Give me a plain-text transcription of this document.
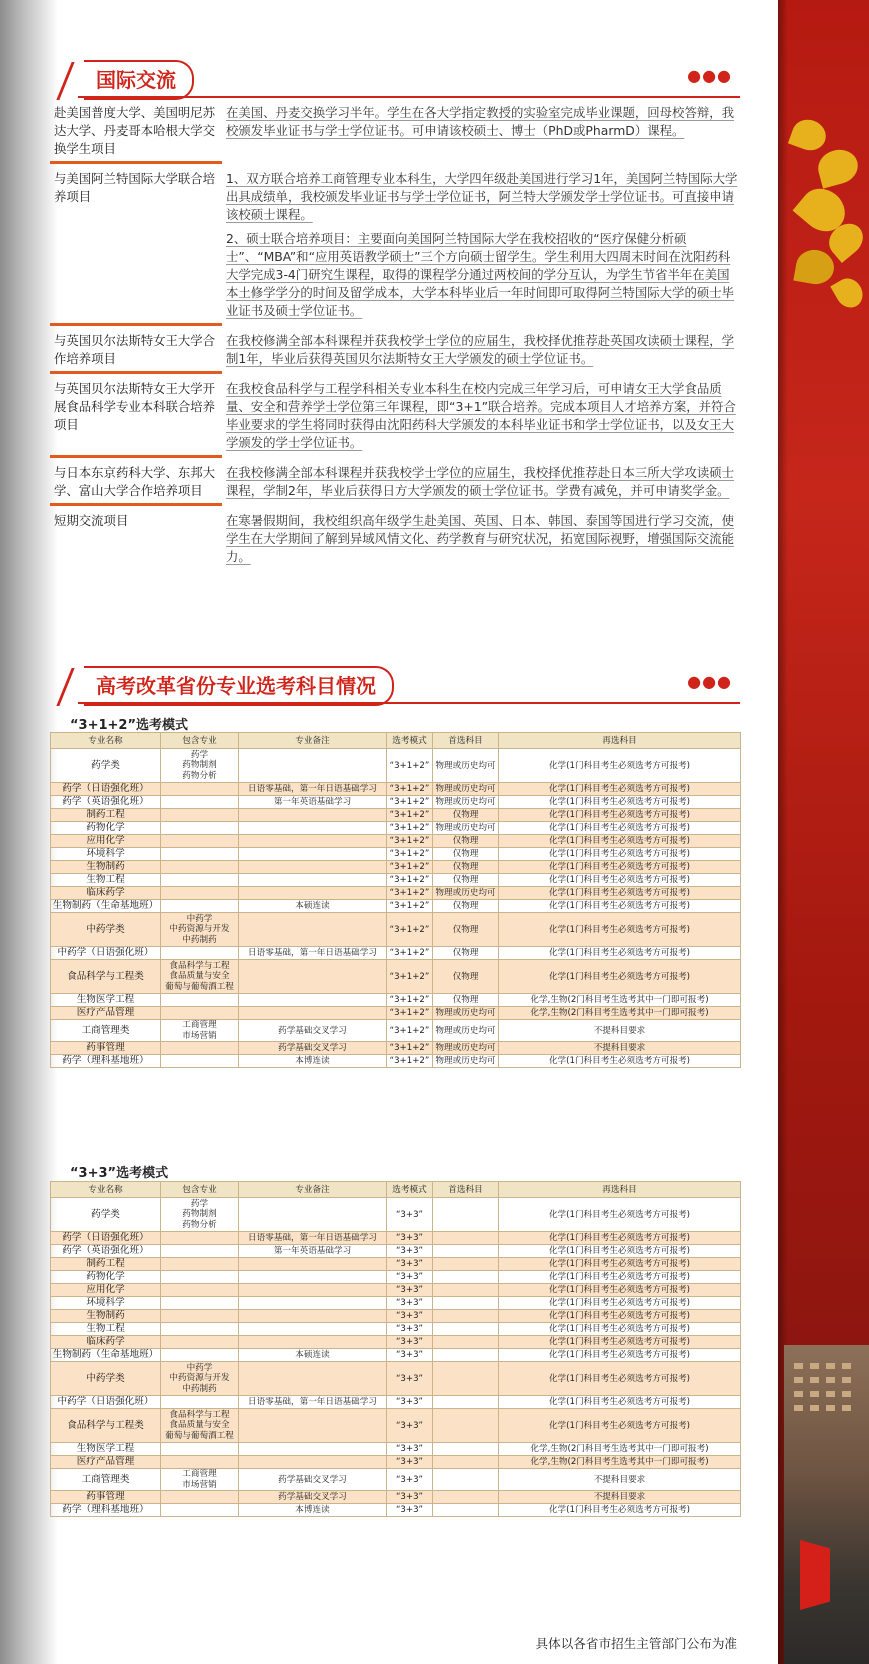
国际交流	●●●
赴美国普度大学、美国明尼苏达大学、丹麦哥本哈根大学交换学生项目

在美国、丹麦交换学习半年。学生在各大学指定教授的实验室完成毕业课题，回母校答辩，我校颁发毕业证书与学士学位证书。可申请该校硕士、博士（PhD或PharmD）课程。

与美国阿兰特国际大学联合培养项目

1、双方联合培养工商管理专业本科生，大学四年级赴美国进行学习1年，美国阿兰特国际大学出具成绩单，我校颁发毕业证书与学士学位证书，阿兰特大学颁发学士学位证书。可直接申请该校硕士课程。

2、硕士联合培养项目：主要面向美国阿兰特国际大学在我校招收的“医疗保健分析硕士”、“MBA”和“应用英语教学硕士”三个方向硕士留学生。学生利用大四周末时间在沈阳药科大学完成3-4门研究生课程，取得的课程学分通过两校间的学分互认，为学生节省半年在美国本土修学学分的时间及留学成本，大学本科毕业后一年时间即可取得阿兰特国际大学的硕士毕业证书及硕士学位证书。

与英国贝尔法斯特女王大学合作培养项目

在我校修满全部本科课程并获我校学士学位的应届生，我校择优推荐赴英国攻读硕士课程，学制1年，毕业后获得英国贝尔法斯特女王大学颁发的硕士学位证书。

与英国贝尔法斯特女王大学开展食品科学专业本科联合培养项目

在我校食品科学与工程学科相关专业本科生在校内完成三年学习后，可申请女王大学食品质量、安全和营养学士学位第三年课程，即“3+1”联合培养。完成本项目人才培养方案，并符合毕业要求的学生将同时获得由沈阳药科大学颁发的本科毕业证书和学士学位证书，以及女王大学颁发的学士学位证书。

与日本东京药科大学、东邦大学、富山大学合作培养项目

在我校修满全部本科课程并获我校学士学位的应届生，我校择优推荐赴日本三所大学攻读硕士课程，学制2年，毕业后获得日方大学颁发的硕士学位证书。学费有减免，并可申请奖学金。

短期交流项目	在寒暑假期间，我校组织高年级学生赴美国、英国、日本、韩国、泰国等国进行学习交流，使学生在大学期间了解到异域风情文化、药学教育与研究状况，拓宽国际视野，增强国际交流能力。

高考改革省份专业选考科目情况	●●●
“3+1+2”选考模式
专业名称	包含专业	专业备注	选考模式	首选科目	再选科目
药学类	药学
药物制剂
药物分析		“3+1+2”	物理或历史均可	化学(1门科目考生必须选考方可报考)
药学（日语强化班）		日语零基础，第一年日语基础学习	“3+1+2”	物理或历史均可	化学(1门科目考生必须选考方可报考)
药学（英语强化班）		第一年英语基础学习	“3+1+2”	物理或历史均可	化学(1门科目考生必须选考方可报考)
制药工程			“3+1+2”	仅物理	化学(1门科目考生必须选考方可报考)
药物化学			“3+1+2”	物理或历史均可	化学(1门科目考生必须选考方可报考)
应用化学			“3+1+2”	仅物理	化学(1门科目考生必须选考方可报考)
环境科学			“3+1+2”	仅物理	化学(1门科目考生必须选考方可报考)
生物制药			“3+1+2”	仅物理	化学(1门科目考生必须选考方可报考)
生物工程			“3+1+2”	仅物理	化学(1门科目考生必须选考方可报考)
临床药学			“3+1+2”	物理或历史均可	化学(1门科目考生必须选考方可报考)
生物制药（生命基地班）		本硕连读	“3+1+2”	仅物理	化学(1门科目考生必须选考方可报考)
中药学类	中药学
中药资源与开发
中药制药		“3+1+2”	仅物理	化学(1门科目考生必须选考方可报考)
中药学（日语强化班）		日语零基础，第一年日语基础学习	“3+1+2”	仅物理	化学(1门科目考生必须选考方可报考)
食品科学与工程类	食品科学与工程
食品质量与安全
葡萄与葡萄酒工程		“3+1+2”	仅物理	化学(1门科目考生必须选考方可报考)
生物医学工程			“3+1+2”	仅物理	化学,生物(2门科目考生选考其中一门即可报考)
医疗产品管理			“3+1+2”	物理或历史均可	化学,生物(2门科目考生选考其中一门即可报考)
工商管理类	工商管理
市场营销	药学基础交叉学习	“3+1+2”	物理或历史均可	不提科目要求
药事管理		药学基础交叉学习	“3+1+2”	物理或历史均可	不提科目要求
药学（理科基地班）		本博连读	“3+1+2”	物理或历史均可	化学(1门科目考生必须选考方可报考)
“3+3”选考模式
专业名称	包含专业	专业备注	选考模式	首选科目	再选科目
药学类	药学
药物制剂
药物分析		“3+3”		化学(1门科目考生必须选考方可报考)
药学（日语强化班）		日语零基础，第一年日语基础学习	“3+3”		化学(1门科目考生必须选考方可报考)
药学（英语强化班）		第一年英语基础学习	“3+3”		化学(1门科目考生必须选考方可报考)
制药工程			“3+3”		化学(1门科目考生必须选考方可报考)
药物化学			“3+3”		化学(1门科目考生必须选考方可报考)
应用化学			“3+3”		化学(1门科目考生必须选考方可报考)
环境科学			“3+3”		化学(1门科目考生必须选考方可报考)
生物制药			“3+3”		化学(1门科目考生必须选考方可报考)
生物工程			“3+3”		化学(1门科目考生必须选考方可报考)
临床药学			“3+3”		化学(1门科目考生必须选考方可报考)
生物制药（生命基地班）		本硕连读	“3+3”		化学(1门科目考生必须选考方可报考)
中药学类	中药学
中药资源与开发
中药制药		“3+3”		化学(1门科目考生必须选考方可报考)
中药学（日语强化班）		日语零基础，第一年日语基础学习	“3+3”		化学(1门科目考生必须选考方可报考)
食品科学与工程类	食品科学与工程
食品质量与安全
葡萄与葡萄酒工程		“3+3”		化学(1门科目考生必须选考方可报考)
生物医学工程			“3+3”		化学,生物(2门科目考生选考其中一门即可报考)
医疗产品管理			“3+3”		化学,生物(2门科目考生选考其中一门即可报考)
工商管理类	工商管理
市场营销	药学基础交叉学习	“3+3”		不提科目要求
药事管理		药学基础交叉学习	“3+3”		不提科目要求
药学（理科基地班）		本博连读	“3+3”		化学(1门科目考生必须选考方可报考)
具体以各省市招生主管部门公布为准
